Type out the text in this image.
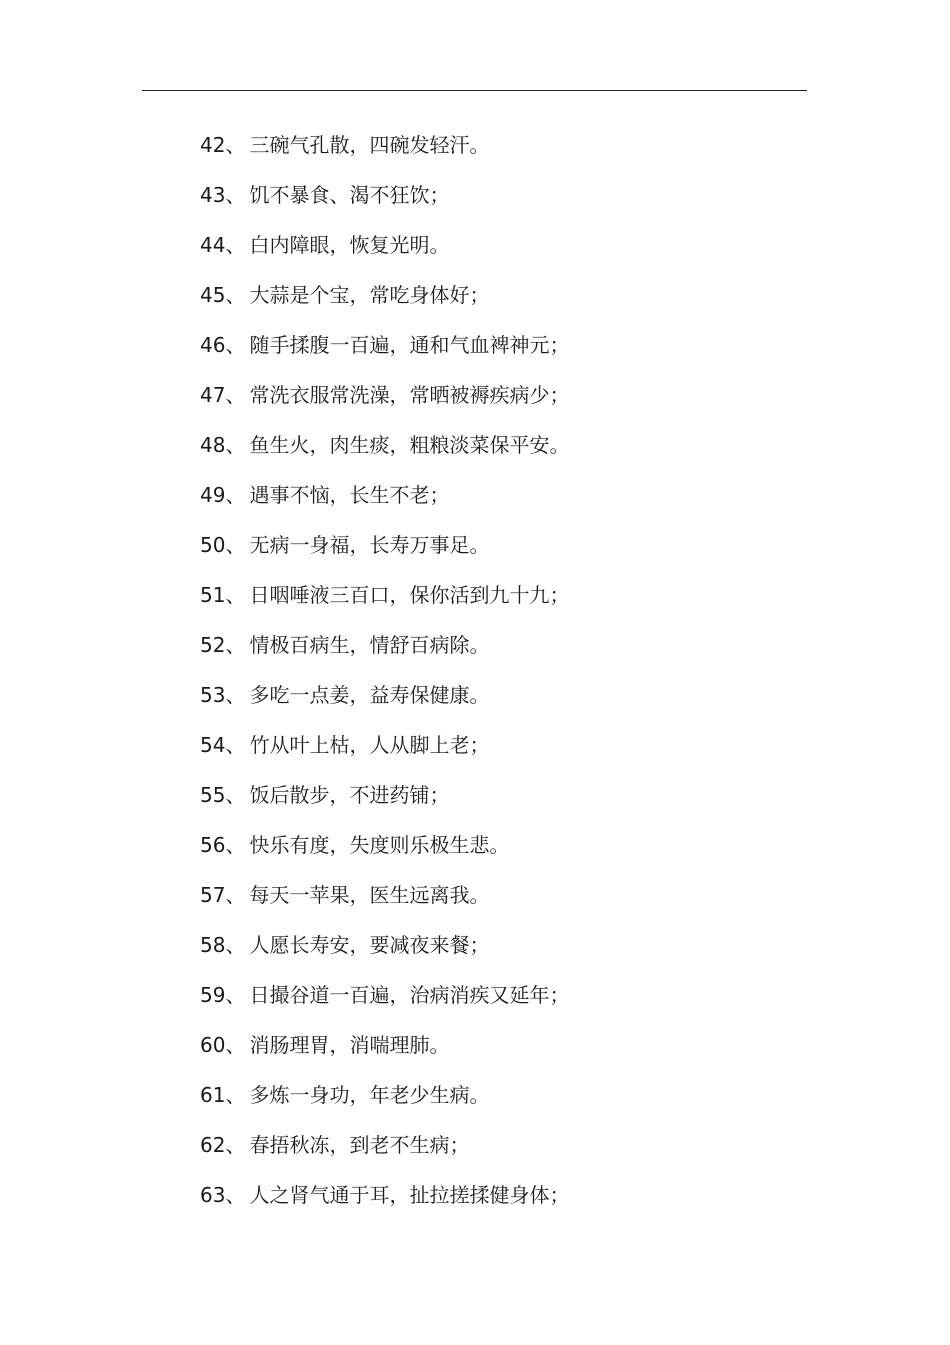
42、 三碗气孔散，四碗发轻汗。
43、 饥不暴食、渴不狂饮；
44、 白内障眼，恢复光明。
45、 大蒜是个宝，常吃身体好；
46、 随手揉腹一百遍，通和气血裨神元；
47、 常洗衣服常洗澡，常晒被褥疾病少；
48、 鱼生火，肉生痰，粗粮淡菜保平安。
49、 遇事不恼，长生不老；
50、 无病一身福，长寿万事足。
51、 日咽唾液三百口，保你活到九十九；
52、 情极百病生，情舒百病除。
53、 多吃一点姜，益寿保健康。
54、 竹从叶上枯，人从脚上老；
55、 饭后散步，不进药铺；
56、 快乐有度，失度则乐极生悲。
57、 每天一苹果，医生远离我。
58、 人愿长寿安，要减夜来餐；
59、 日撮谷道一百遍，治病消疾又延年；
60、 消肠理胃，消喘理肺。
61、 多炼一身功，年老少生病。
62、 春捂秋冻，到老不生病；
63、 人之肾气通于耳，扯拉搓揉健身体；
